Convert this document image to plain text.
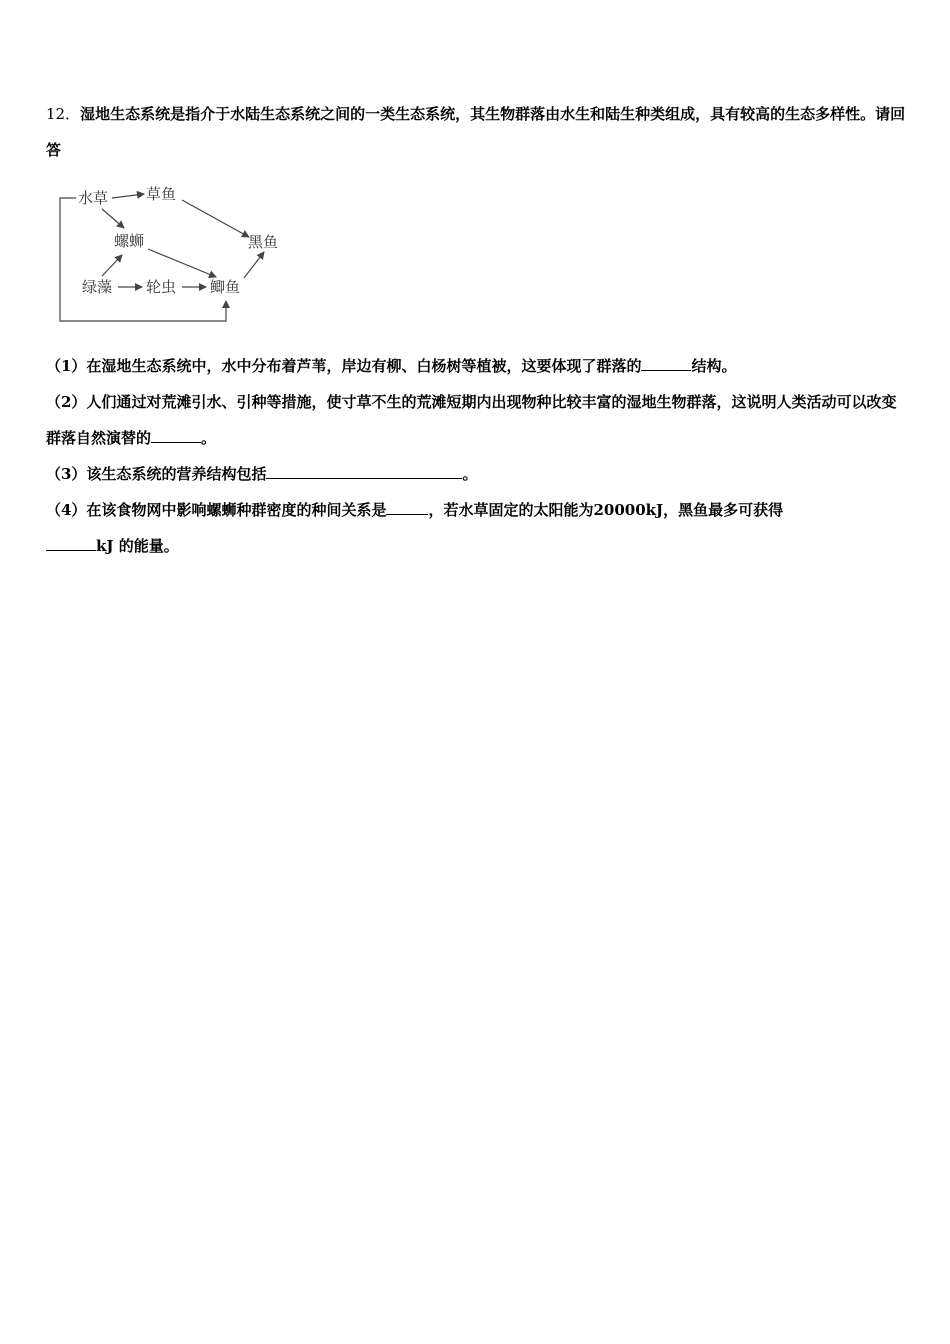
12．湿地生态系统是指介于水陆生态系统之间的一类生态系统，其生物群落由水生和陆生种类组成，具有较高的生态多样性。请回答
水草	草鱼
黑鱼
螺蛳
绿藻 轮虫 鲫鱼

（1）在湿地生态系统中，水中分布着芦苇，岸边有柳、白杨树等植被，这要体现了群落的	结构。

（2）人们通过对荒滩引水、引种等措施，使寸草不生的荒滩短期内出现物种比较丰富的湿地生物群落，这说明人类活动可以改变群落自然演替的	。

（3）该生态系统的营养结构包括	。

（4）在该食物网中影响螺蛳种群密度的种间关系是	，若水草固定的太阳能为20000kJ，黑鱼最多可获得
kJ 的能量。
